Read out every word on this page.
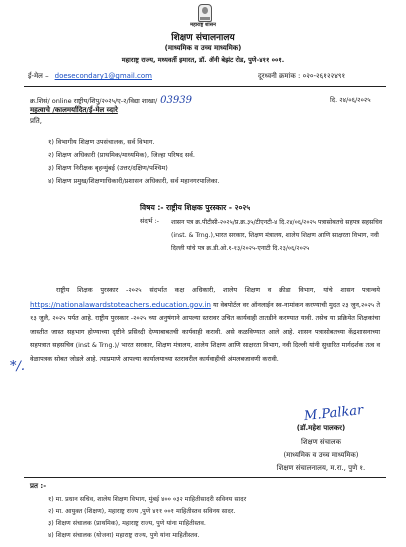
महाराष्ट्र शासन
शिक्षण संचालनालय
(माध्यमिक व उच्च माध्यमिक)
महाराष्ट्र राज्य, मध्यवर्ती इमारत, डॉ. ॲनी बेझंट रोड, पुणे-४११ ००१.
ई-मेल – doesecondary1@gmail.com	दूरध्वनी क्रमांक : ०२०-२६१२२४९१
क्र.शिसं/ online राष्ट्रीय/शिपु/२०२५/ए-२/विद्या शाखा/ 03939	दि. २४/०६/२०२५
महत्वाचे /कालमर्यादित/ई-मेल व्दारे
प्रति,
१) विभागीय शिक्षण उपसंचालक, सर्व विभाग.
२) शिक्षण अधिकारी (प्राथमिक/माध्यमिक), जिल्हा परिषद सर्व.
३) शिक्षण निरीक्षक बृहन्मुंबई (उत्तर/दक्षिण/पश्चिम)
४) शिक्षण प्रमुख/शिक्षणाधिकारी/प्रशासन अधिकारी, सर्व महानगरपालिका.
विषय :- राष्ट्रीय शिक्षक पुरस्कार - २०२५
संदर्भ :- शासन पत्र क्र.पीटीसी-२०२५/प्र.क्र.३५/टीएनटी-४ दि.२४/०६/२०२५ पत्रासोबतचे सहपत्र सहसचिव (inst. & Trng.),भारत सरकार, शिक्षण मंत्रालय, शालेय शिक्षण आणि साक्षरता विभाग, नवी दिल्ली यांचे पत्र क्र.डी.ओ.१-१३/२०२५-एनाटी दि.२३/०६/२०२५
राष्ट्रीय शिक्षक पुरस्कार -२०२५ संदर्भात कक्ष अधिकारी, शालेय शिक्षण व क्रीडा विभाग, यांचे शासन पत्रान्वये https://nationalawardstoteachers.education.gov.in या वेबपोर्टल वर ऑनलाईन स्व-नामांकन करण्याची मुदत २३ जुन,२०२५ ते १३ जुलै, २०२५ पर्यत आहे. राष्ट्रीय पुरस्कार -२०२५ च्या अनुषंगाने आपल्या स्तरावर उचित कार्यवाही तातडीने करण्यात यावी. तसेच या प्रक्रियेत शिक्षकांचा जास्तीत जास्त सहभाग होण्याच्या दृष्टीने प्रसिध्दी देण्याबाबतची कार्यवाही करावी. असे कळविण्यात आले आहे. शासन पत्रासोबतच्या केंद्रशासनाच्या सहपत्रात सहसचिव (inst & Trng.)/ भारत सरकार, शिक्षण मंत्रालय, शालेय शिक्षण आणि साक्षरता विभाग, नवी दिल्ली यांनी सुधारित मार्गदर्शक तत्व व वेळापत्रक सोबत जोडले आहे. त्याप्रमाणे आपल्या कार्यालयाच्या स्तरावरील कार्यवाहीची अंमलबजावणी करावी.
*/.
M.Palkar
(डॉ.महेश पालकर)
शिक्षण संचालक
(माध्यमिक व उच्च माध्यमिक)
शिक्षण संचालनालय, म.रा., पुणे १.
प्रत :-
१) मा. प्रधान सचिव, शालेय शिक्षण विभाग, मुंबई ४०० ०३२ माहितीसादरी सविनय सादर
२) मा. आयुक्त (शिक्षण), महाराष्ट्र राज्य ,पुणे ४११ ००१ माहितीस्तव सविनय सादर.
३) शिक्षण संचालक (प्राथमिक), महाराष्ट्र राज्य, पुणे यांना माहितीस्तव.
४) शिक्षण संचालक (योजना) महाराष्ट्र राज्य, पुणे यांना माहितीस्तव.
